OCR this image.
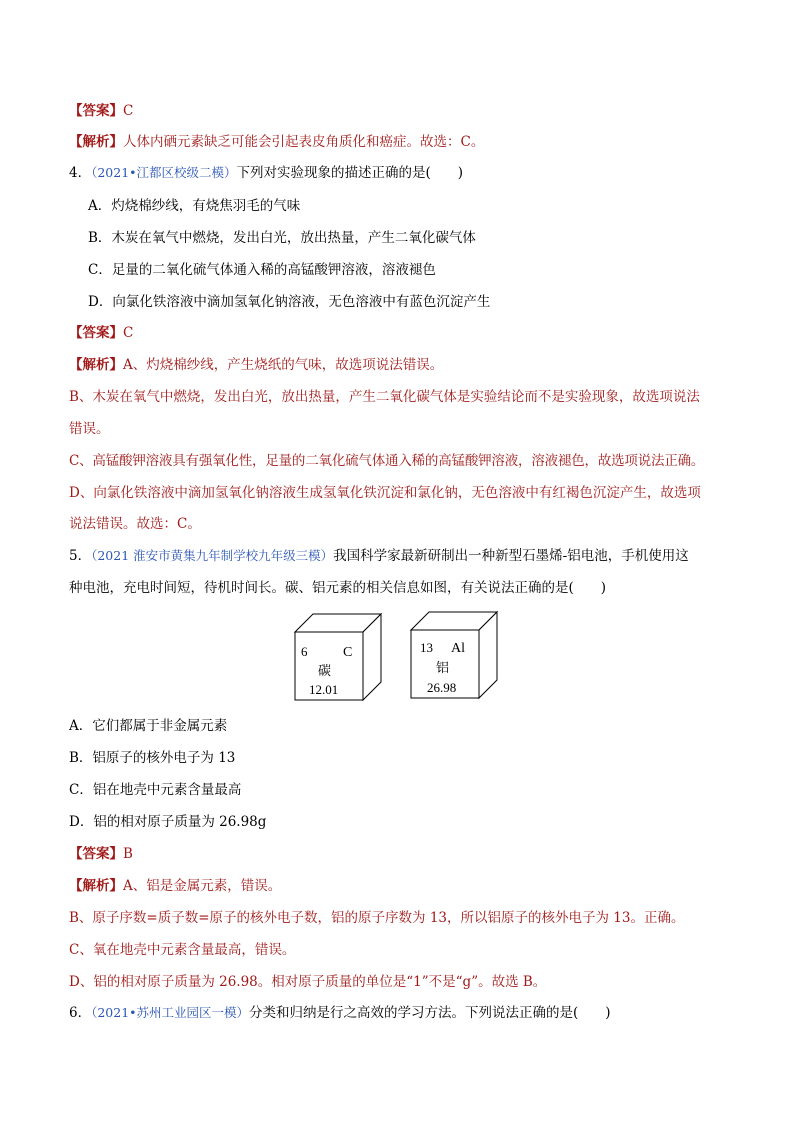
【答案】C
【解析】人体内硒元素缺乏可能会引起表皮角质化和癌症。故选：C。
4．（2021•江都区校级二模）下列对实验现象的描述正确的是(　　)
A．灼烧棉纱线，有烧焦羽毛的气味
B．木炭在氧气中燃烧，发出白光，放出热量，产生二氧化碳气体
C．足量的二氧化硫气体通入稀的高锰酸钾溶液，溶液褪色
D．向氯化铁溶液中滴加氢氧化钠溶液，无色溶液中有蓝色沉淀产生
【答案】C
【解析】A、灼烧棉纱线，产生烧纸的气味，故选项说法错误。
B、木炭在氧气中燃烧，发出白光，放出热量，产生二氧化碳气体是实验结论而不是实验现象，故选项说法
错误。
C、高锰酸钾溶液具有强氧化性，足量的二氧化硫气体通入稀的高锰酸钾溶液，溶液褪色，故选项说法正确。
D、向氯化铁溶液中滴加氢氧化钠溶液生成氢氧化铁沉淀和氯化钠，无色溶液中有红褐色沉淀产生，故选项
说法错误。故选：C。
5．（2021 淮安市黄集九年制学校九年级三模）我国科学家最新研制出一种新型石墨烯-铝电池，手机使用这
种电池，充电时间短，待机时间长。碳、铝元素的相关信息如图，有关说法正确的是(　　)
6	C
碳
12.01
13 Al
铝
26.98
A．它们都属于非金属元素
B．铝原子的核外电子为 13
C．铝在地壳中元素含量最高
D．铝的相对原子质量为 26.98g
【答案】B
【解析】A、铝是金属元素，错误。
B、原子序数=质子数=原子的核外电子数，铝的原子序数为 13，所以铝原子的核外电子为 13。正确。
C、氧在地壳中元素含量最高，错误。
D、铝的相对原子质量为 26.98。相对原子质量的单位是“1”不是“g”。故选 B。
6．（2021•苏州工业园区一模）分类和归纳是行之高效的学习方法。下列说法正确的是(　　)
